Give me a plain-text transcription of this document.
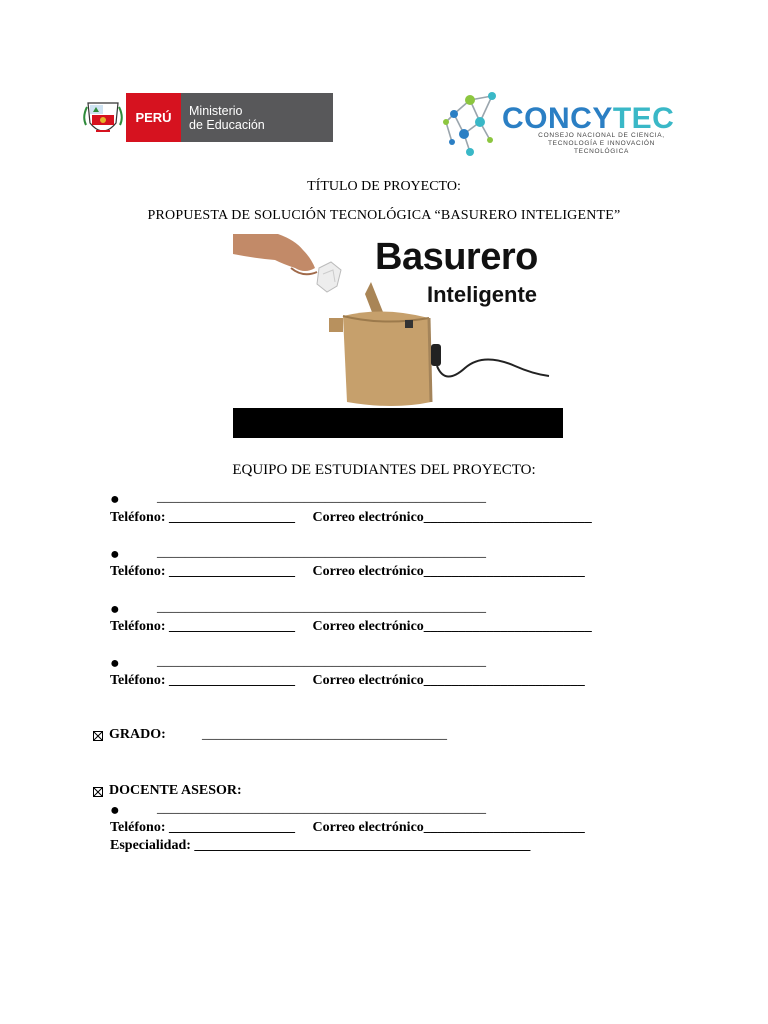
PERÚ	Ministerio
de Educación	CONCYTEC
CONSEJO NACIONAL DE CIENCIA,
TECNOLOGÍA E INNOVACIÓN TECNOLÓGICA
TÍTULO DE PROYECTO:
PROPUESTA DE SOLUCIÓN TECNOLÓGICA “BASURERO INTELIGENTE”
Basurero
Inteligente
EQUIPO DE ESTUDIANTES DEL PROYECTO:
●	_______________________________________________
Teléfono: __________________     Correo electrónico________________________
●	_______________________________________________
Teléfono: __________________     Correo electrónico_______________________
●	_______________________________________________
Teléfono: __________________     Correo electrónico________________________
●	_______________________________________________
Teléfono: __________________     Correo electrónico_______________________
GRADO:	___________________________________
DOCENTE ASESOR:
●	_______________________________________________
Teléfono: __________________     Correo electrónico_______________________
Especialidad: ________________________________________________
